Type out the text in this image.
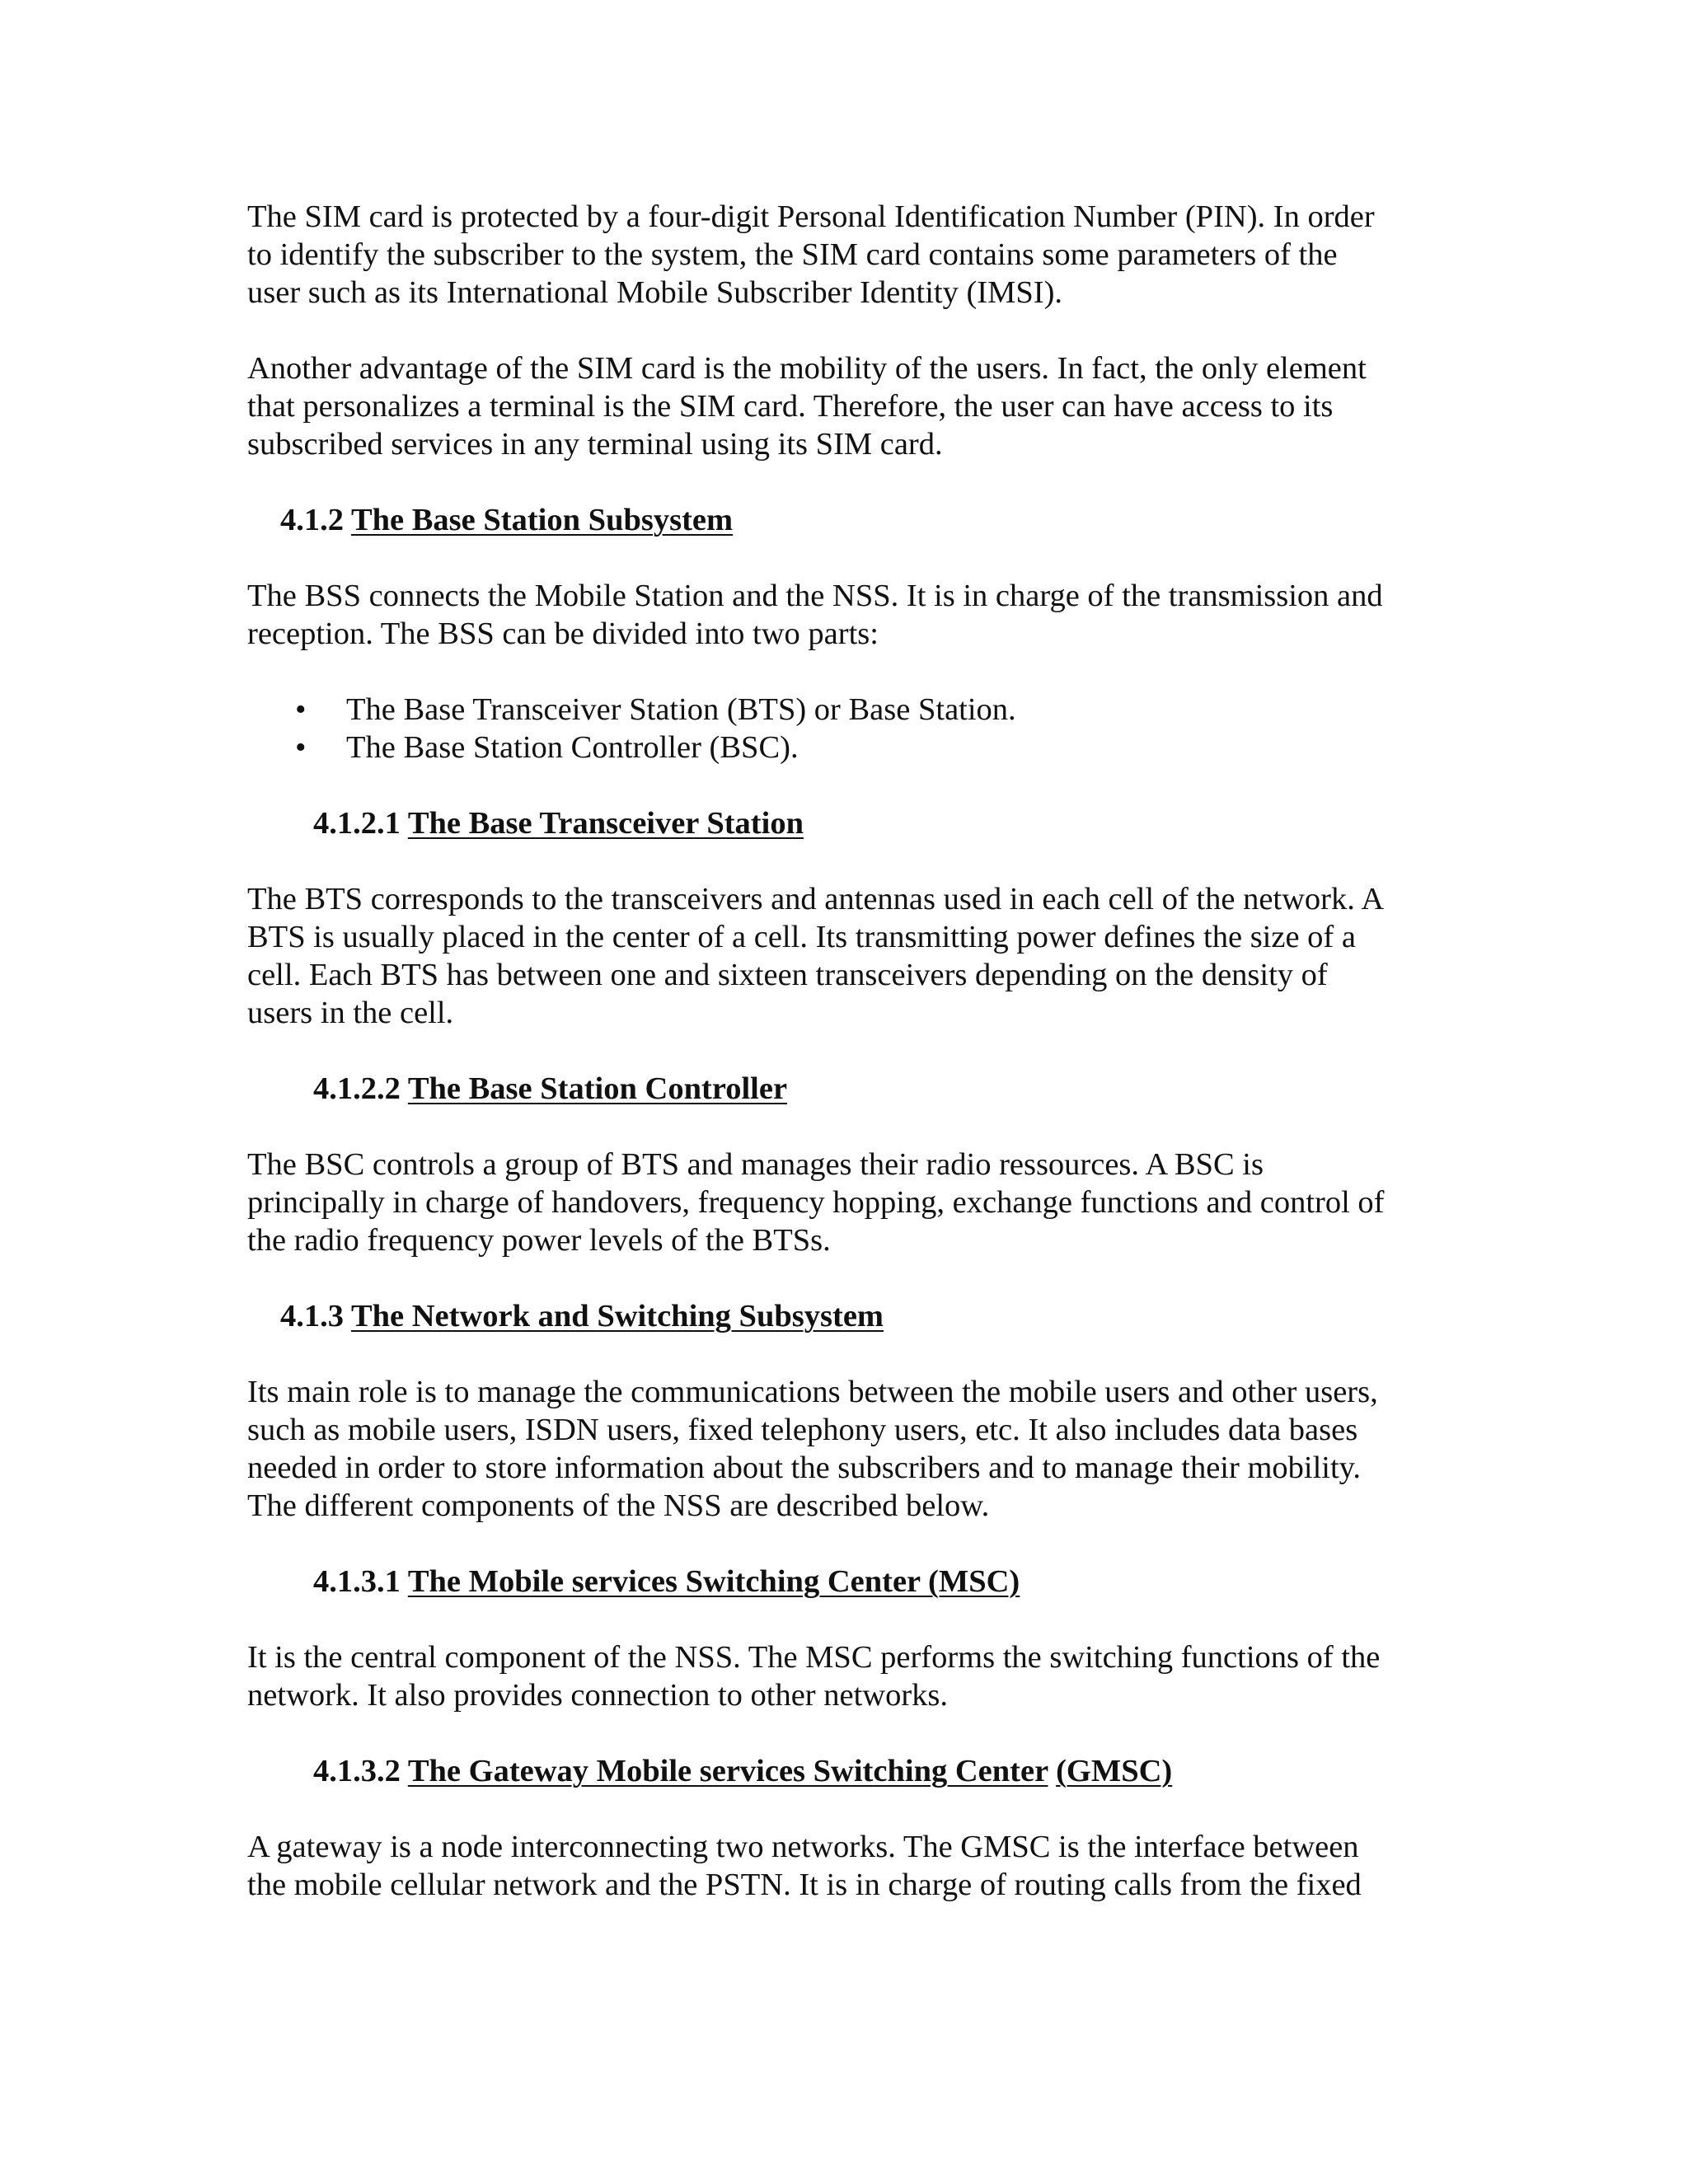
The SIM card is protected by a four-digit Personal Identification Number (PIN). In order
to identify the subscriber to the system, the SIM card contains some parameters of the
user such as its International Mobile Subscriber Identity (IMSI).

Another advantage of the SIM card is the mobility of the users. In fact, the only element
that personalizes a terminal is the SIM card. Therefore, the user can have access to its
subscribed services in any terminal using its SIM card.

4.1.2 The Base Station Subsystem

The BSS connects the Mobile Station and the NSS. It is in charge of the transmission and
reception. The BSS can be divided into two parts:

• The Base Transceiver Station (BTS) or Base Station.
• The Base Station Controller (BSC).
4.1.2.1 The Base Transceiver Station

The BTS corresponds to the transceivers and antennas used in each cell of the network. A
BTS is usually placed in the center of a cell. Its transmitting power defines the size of a
cell. Each BTS has between one and sixteen transceivers depending on the density of
users in the cell.

4.1.2.2 The Base Station Controller

The BSC controls a group of BTS and manages their radio ressources. A BSC is
principally in charge of handovers, frequency hopping, exchange functions and control of
the radio frequency power levels of the BTSs.

4.1.3 The Network and Switching Subsystem

Its main role is to manage the communications between the mobile users and other users,
such as mobile users, ISDN users, fixed telephony users, etc. It also includes data bases
needed in order to store information about the subscribers and to manage their mobility.
The different components of the NSS are described below.

4.1.3.1 The Mobile services Switching Center (MSC)

It is the central component of the NSS. The MSC performs the switching functions of the
network. It also provides connection to other networks.

4.1.3.2 The Gateway Mobile services Switching Center (GMSC)

A gateway is a node interconnecting two networks. The GMSC is the interface between
the mobile cellular network and the PSTN. It is in charge of routing calls from the fixed
